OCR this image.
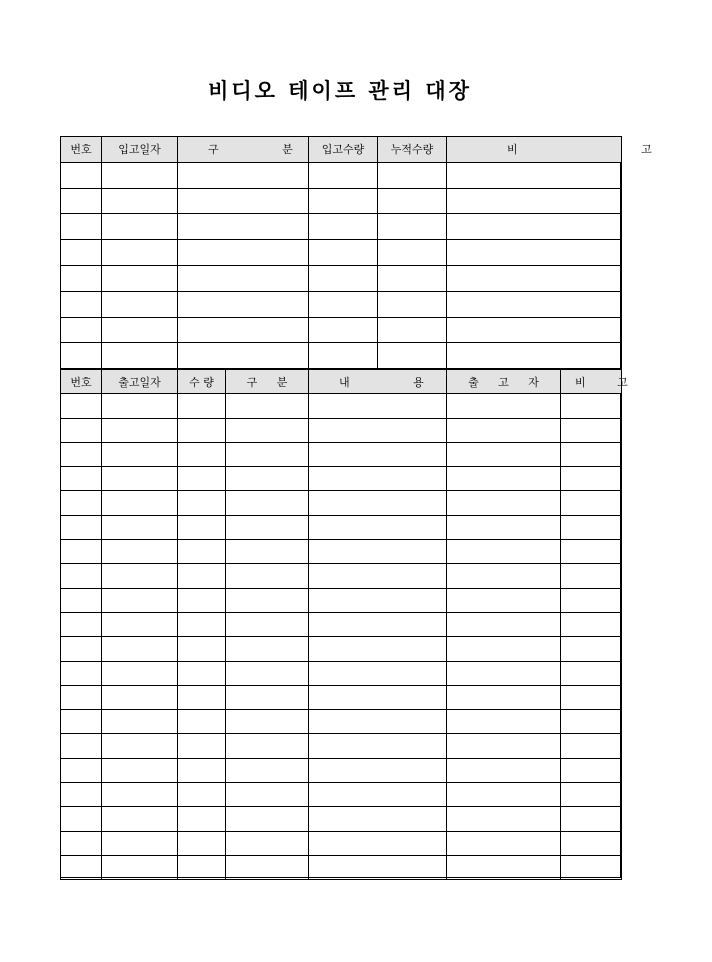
비디오 테이프 관리 대장
번호	입고일자	구 분	입고수량	누적수량	비 고

번호	출고일자	수 량	구 분	내 용	출 고 자	비 고
